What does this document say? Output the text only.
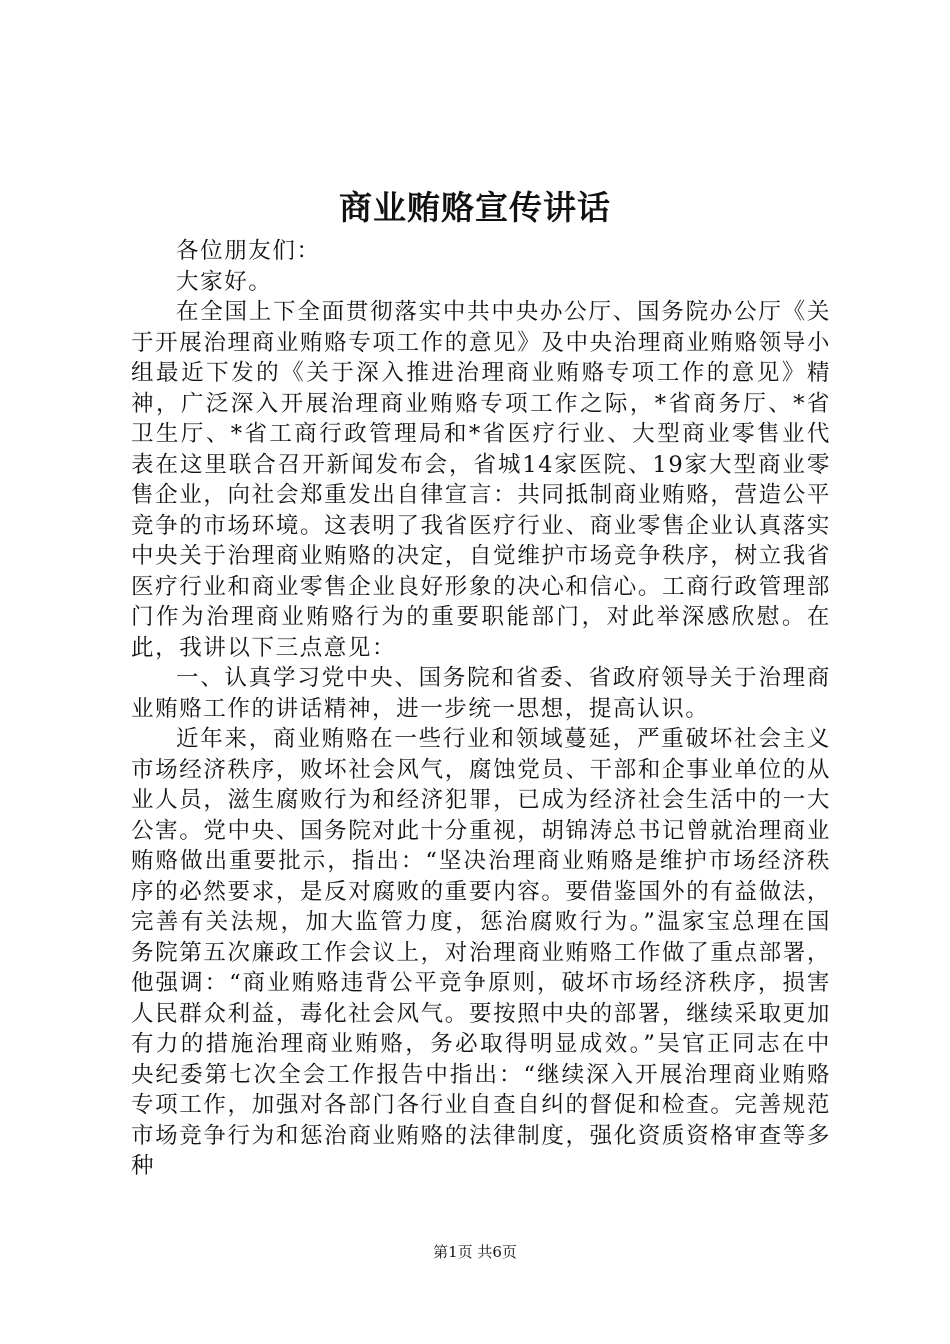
商业贿赂宣传讲话

各位朋友们：

大家好。

在全国上下全面贯彻落实中共中央办公厅、国务院办公厅《关于开展治理商业贿赂专项工作的意见》及中央治理商业贿赂领导小组最近下发的《关于深入推进治理商业贿赂专项工作的意见》精神，广泛深入开展治理商业贿赂专项工作之际，*省商务厅、*省卫生厅、*省工商行政管理局和*省医疗行业、大型商业零售业代表在这里联合召开新闻发布会，省城14家医院、19家大型商业零售企业，向社会郑重发出自律宣言：共同抵制商业贿赂，营造公平竞争的市场环境。这表明了我省医疗行业、商业零售企业认真落实中央关于治理商业贿赂的决定，自觉维护市场竞争秩序，树立我省医疗行业和商业零售企业良好形象的决心和信心。工商行政管理部门作为治理商业贿赂行为的重要职能部门，对此举深感欣慰。在此，我讲以下三点意见：

一、认真学习党中央、国务院和省委、省政府领导关于治理商业贿赂工作的讲话精神，进一步统一思想，提高认识。

近年来，商业贿赂在一些行业和领域蔓延，严重破坏社会主义市场经济秩序，败坏社会风气，腐蚀党员、干部和企事业单位的从业人员，滋生腐败行为和经济犯罪，已成为经济社会生活中的一大公害。党中央、国务院对此十分重视，胡锦涛总书记曾就治理商业贿赂做出重要批示，指出：“坚决治理商业贿赂是维护市场经济秩序的必然要求，是反对腐败的重要内容。要借鉴国外的有益做法，完善有关法规，加大监管力度，惩治腐败行为。”温家宝总理在国务院第五次廉政工作会议上，对治理商业贿赂工作做了重点部署，他强调：“商业贿赂违背公平竞争原则，破坏市场经济秩序，损害人民群众利益，毒化社会风气。要按照中央的部署，继续采取更加有力的措施治理商业贿赂，务必取得明显成效。”吴官正同志在中央纪委第七次全会工作报告中指出：“继续深入开展治理商业贿赂专项工作，加强对各部门各行业自查自纠的督促和检查。完善规范市场竞争行为和惩治商业贿赂的法律制度，强化资质资格审查等多种

第1页 共6页
